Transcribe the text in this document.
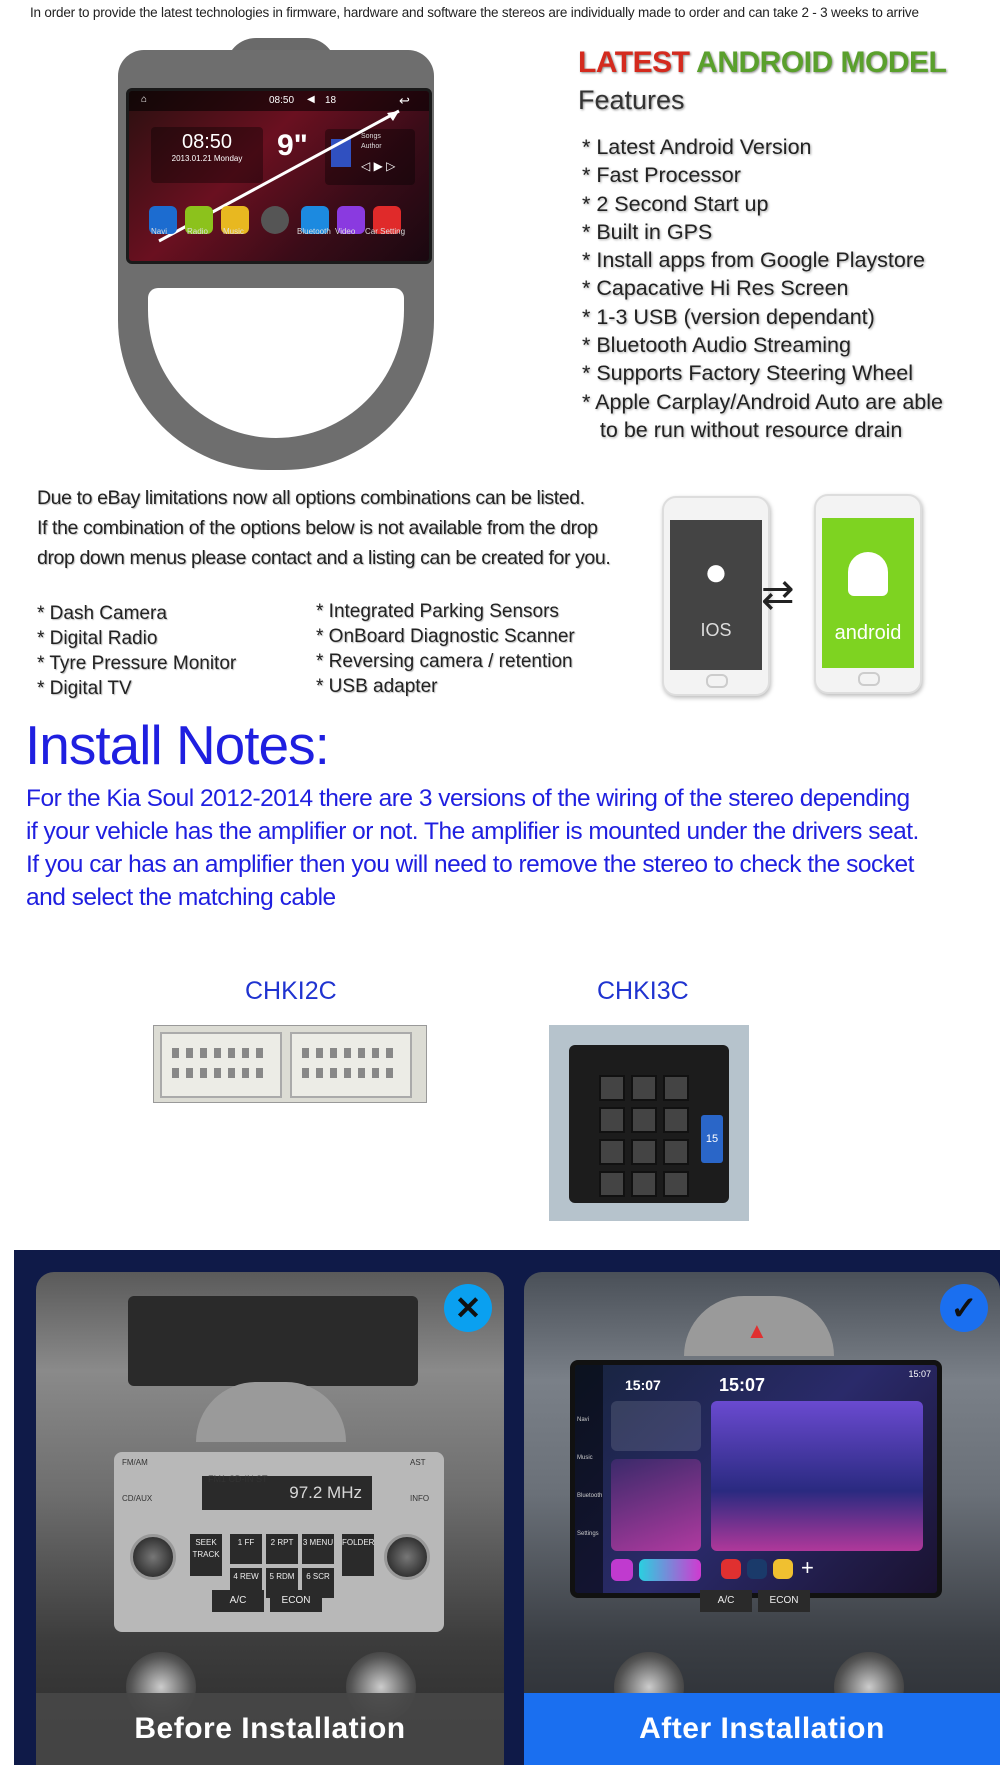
In order to provide the latest technologies in firmware, hardware and software the stereos are individually made to order and can take 2 - 3 weeks to arrive
⌂	08:50 ◀ 18	↩
08:50
2013.01.21 Monday	9"	Songs
Author
◁ ▶ ▷
Navi Radio Music	Bluetooth Video Car Setting
LATEST ANDROID MODEL
Features
* Latest Android Version
* Fast Processor
* 2 Second Start up
* Built in GPS
* Install apps from Google Playstore
* Capacative Hi Res Screen
* 1-3 USB (version dependant)
* Bluetooth Audio Streaming
* Supports Factory Steering Wheel
* Apple Carplay/Android Auto are able
to be run without resource drain
Due to eBay limitations now all options combinations can be listed.
If the combination of the options below is not available from the drop
drop down menus please contact and a listing can be created for you.
* Dash Camera
* Digital Radio
* Tyre Pressure Monitor
* Digital TV
* Integrated Parking Sensors
* OnBoard Diagnostic Scanner
* Reversing camera / retention
* USB adapter
●
IOS
⇄
android
Install Notes:
For the Kia Soul 2012-2014 there are 3 versions of the wiring of the stereo depending
if your vehicle has the amplifier or not. The amplifier is mounted under the drivers seat.
If you car has an amplifier then you will need to remove the stereo to check the socket
and select the matching cable
CHKI2C	CHKI3C
15
FM1 CD-IN ST
97.2 MHz
FM/AM
CD/AUX
AST
INFO
SEEK TRACK
1 FF	2 RPT	3 MENU
4 REW	5 RDM	6 SCR
FOLDER
A/C	ECON
✕
Before Installation
▲
Navi
Music
Bluetooth
Settings
15:07	15:07
15:07
+
A/C	ECON
✓
After Installation
